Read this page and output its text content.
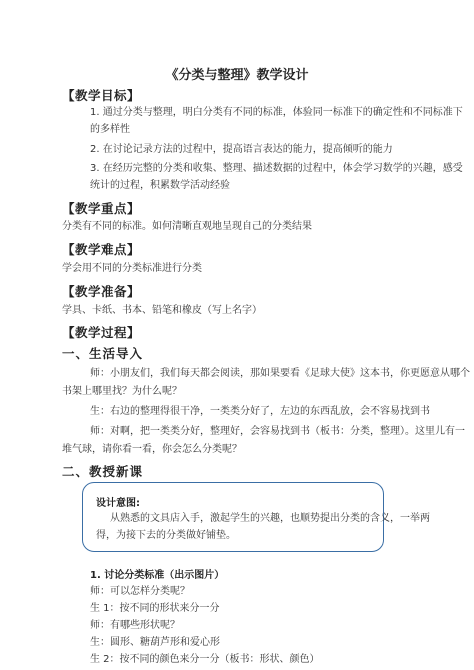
《分类与整理》教学设计
【教学目标】
1. 通过分类与整理，明白分类有不同的标准，体验同一标准下的确定性和不同标准下
的多样性
2. 在讨论记录方法的过程中，提高语言表达的能力，提高倾听的能力
3. 在经历完整的分类和收集、整理、描述数据的过程中，体会学习数学的兴趣，感受
统计的过程，积累数学活动经验
【教学重点】
分类有不同的标准。如何清晰直观地呈现自己的分类结果
【教学难点】
学会用不同的分类标准进行分类
【教学准备】
学具、卡纸、书本、铅笔和橡皮（写上名字）
【教学过程】
一、生活导入
师：小朋友们，我们每天都会阅读，那如果要看《足球大使》这本书，你更愿意从哪个
书架上哪里找？为什么呢？
设计意图:
从熟悉的文具店入手，激起学生的兴趣，也顺势提出分类的含义，一举两
得，为接下去的分类做好铺垫。
1. 讨论分类标准（出示图片）
师：可以怎样分类呢？
生 1：按不同的形状来分一分
师：有哪些形状呢？
生：圆形、糖葫芦形和爱心形
生 2：按不同的颜色来分一分（板书：形状、颜色）
生：右边的整理得很干净，一类类分好了，左边的东西乱放，会不容易找到书
师：对啊，把一类类分好，整理好，会容易找到书（板书：分类，整理）。这里儿有一
堆气球，请你看一看，你会怎么分类呢？
二、教授新课
